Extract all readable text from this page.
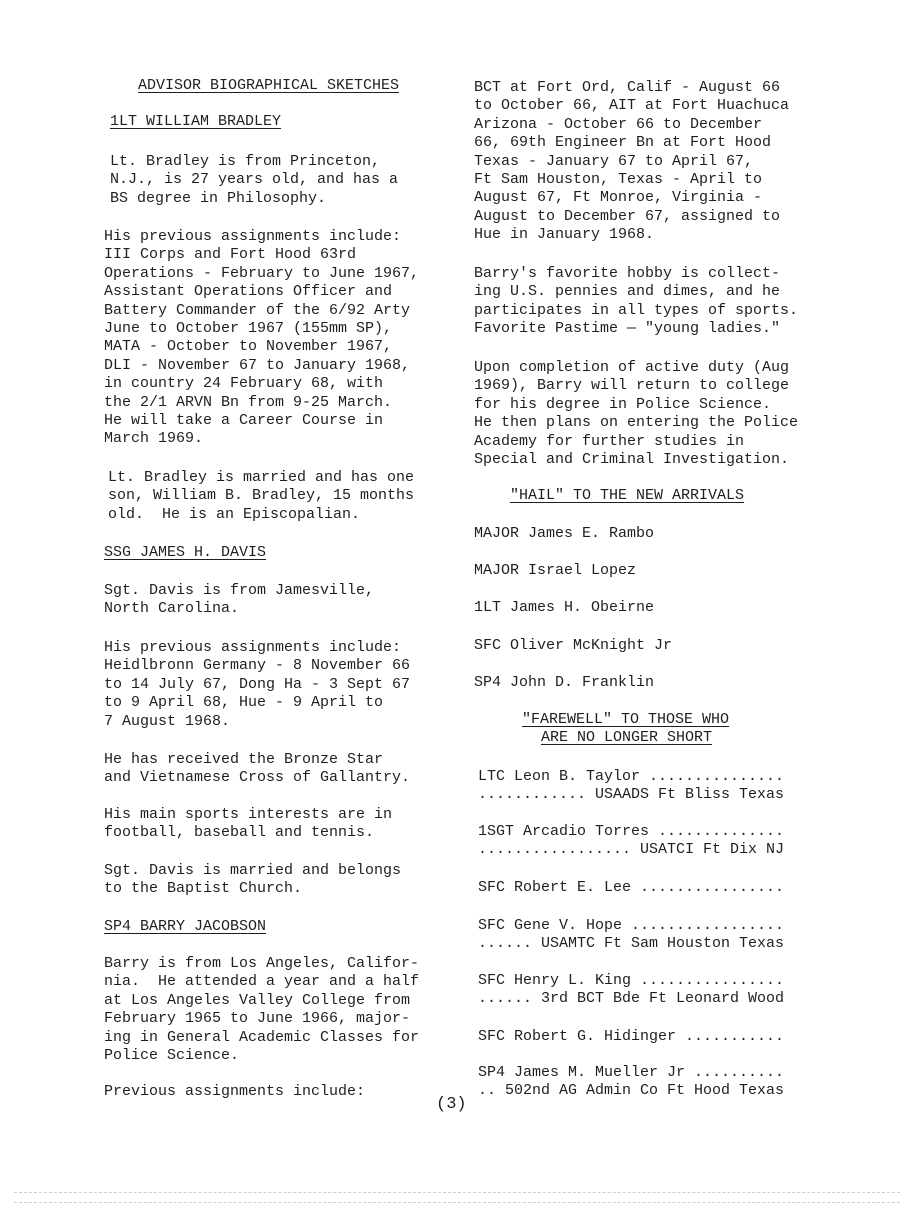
ADVISOR BIOGRAPHICAL SKETCHES
1LT WILLIAM BRADLEY
Lt. Bradley is from Princeton,
N.J., is 27 years old, and has a
BS degree in Philosophy.
His previous assignments include:
III Corps and Fort Hood 63rd
Operations - February to June 1967,
Assistant Operations Officer and
Battery Commander of the 6/92 Arty
June to October 1967 (155mm SP),
MATA - October to November 1967,
DLI - November 67 to January 1968,
in country 24 February 68, with
the 2/1 ARVN Bn from 9-25 March.
He will take a Career Course in
March 1969.
Lt. Bradley is married and has one
son, William B. Bradley, 15 months
old.  He is an Episcopalian.
SSG JAMES H. DAVIS
Sgt. Davis is from Jamesville,
North Carolina.
His previous assignments include:
Heidlbronn Germany - 8 November 66
to 14 July 67, Dong Ha - 3 Sept 67
to 9 April 68, Hue - 9 April to
7 August 1968.
He has received the Bronze Star
and Vietnamese Cross of Gallantry.
His main sports interests are in
football, baseball and tennis.
Sgt. Davis is married and belongs
to the Baptist Church.
SP4 BARRY JACOBSON
Barry is from Los Angeles, Califor-
nia.  He attended a year and a half
at Los Angeles Valley College from
February 1965 to June 1966, major-
ing in General Academic Classes for
Police Science.
Previous assignments include:
BCT at Fort Ord, Calif - August 66
to October 66, AIT at Fort Huachuca
Arizona - October 66 to December
66, 69th Engineer Bn at Fort Hood
Texas - January 67 to April 67,
Ft Sam Houston, Texas - April to
August 67, Ft Monroe, Virginia -
August to December 67, assigned to
Hue in January 1968.
Barry's favorite hobby is collect-
ing U.S. pennies and dimes, and he
participates in all types of sports.
Favorite Pastime — "young ladies."
Upon completion of active duty (Aug
1969), Barry will return to college
for his degree in Police Science.
He then plans on entering the Police
Academy for further studies in
Special and Criminal Investigation.
"HAIL" TO THE NEW ARRIVALS
MAJOR James E. Rambo
MAJOR Israel Lopez
1LT James H. Obeirne
SFC Oliver McKnight Jr
SP4 John D. Franklin
"FAREWELL" TO THOSE WHO
ARE NO LONGER SHORT
LTC Leon B. Taylor ...............
............ USAADS Ft Bliss Texas
1SGT Arcadio Torres ..............
................. USATCI Ft Dix NJ
SFC Robert E. Lee ................
SFC Gene V. Hope .................
...... USAMTC Ft Sam Houston Texas
SFC Henry L. King ................
...... 3rd BCT Bde Ft Leonard Wood
SFC Robert G. Hidinger ...........
SP4 James M. Mueller Jr ..........
.. 502nd AG Admin Co Ft Hood Texas
(3)
